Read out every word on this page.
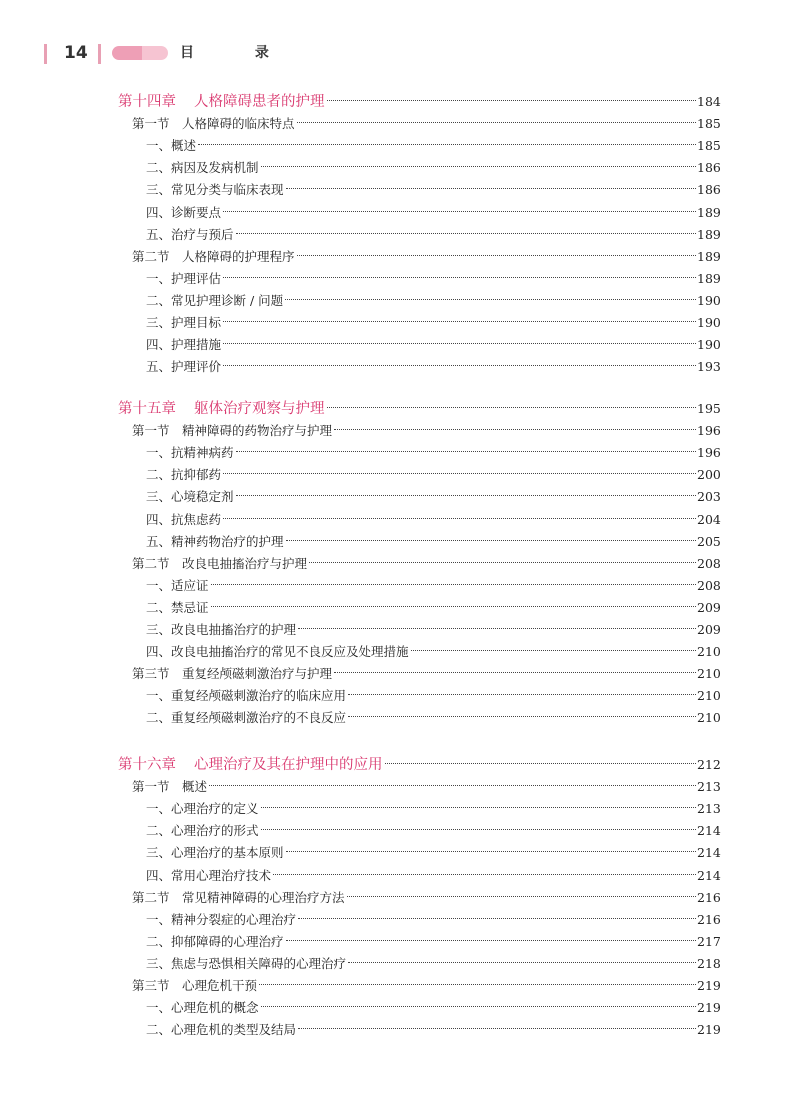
14	目 录
第十四章 人格障碍患者的护理	184
第一节　人格障碍的临床特点	185
一、概述	185
二、病因及发病机制	186
三、常见分类与临床表现	186
四、诊断要点	189
五、治疗与预后	189
第二节　人格障碍的护理程序	189
一、护理评估	189
二、常见护理诊断 / 问题	190
三、护理目标	190
四、护理措施	190
五、护理评价	193
第十五章 躯体治疗观察与护理	195
第一节　精神障碍的药物治疗与护理	196
一、抗精神病药	196
二、抗抑郁药	200
三、心境稳定剂	203
四、抗焦虑药	204
五、精神药物治疗的护理	205
第二节　改良电抽搐治疗与护理	208
一、适应证	208
二、禁忌证	209
三、改良电抽搐治疗的护理	209
四、改良电抽搐治疗的常见不良反应及处理措施	210
第三节　重复经颅磁刺激治疗与护理	210
一、重复经颅磁刺激治疗的临床应用	210
二、重复经颅磁刺激治疗的不良反应	210
第十六章 心理治疗及其在护理中的应用	212
第一节　概述	213
一、心理治疗的定义	213
二、心理治疗的形式	214
三、心理治疗的基本原则	214
四、常用心理治疗技术	214
第二节　常见精神障碍的心理治疗方法	216
一、精神分裂症的心理治疗	216
二、抑郁障碍的心理治疗	217
三、焦虑与恐惧相关障碍的心理治疗	218
第三节　心理危机干预	219
一、心理危机的概念	219
二、心理危机的类型及结局	219
